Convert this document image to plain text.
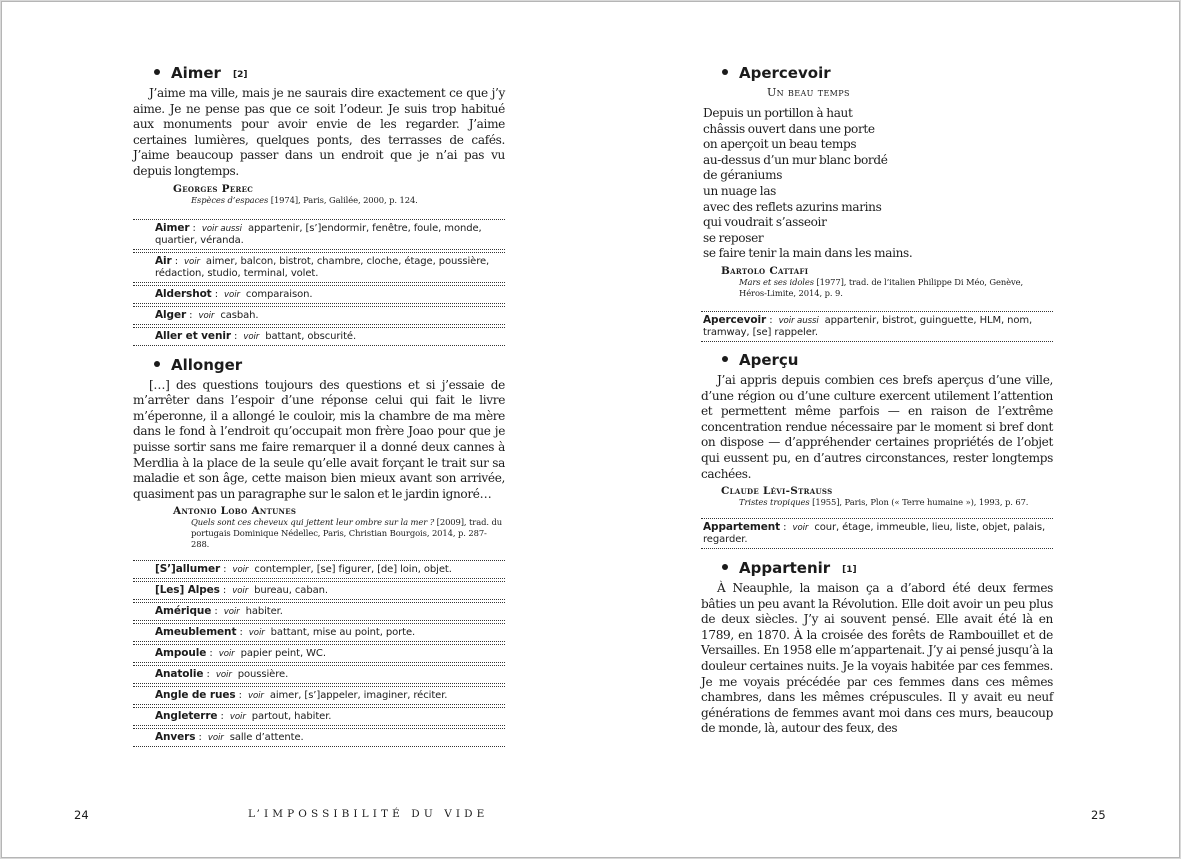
Aimer [2]

J’aime ma ville, mais je ne saurais dire exactement ce que j’y aime. Je ne pense pas que ce soit l’odeur. Je suis trop habitué aux monuments pour avoir envie de les regarder. J’aime certaines lumières, quelques ponts, des terrasses de cafés. J’aime beaucoup passer dans un endroit que je n’ai pas vu depuis longtemps.

Georges Perec
Espèces d’espaces [1974], Paris, Galilée, 2000, p. 124.
Aimer : voir aussi appartenir, [s’]endormir, fenêtre, foule, monde, quartier, véranda.
Air : voir aimer, balcon, bistrot, chambre, cloche, étage, poussière, rédaction, studio, terminal, volet.
Aldershot : voir comparaison.
Alger : voir casbah.
Aller et venir : voir battant, obscurité.
Allonger

[…] des questions toujours des questions et si j’essaie de m’arrêter dans l’espoir d’une réponse celui qui fait le livre m’éperonne, il a allongé le couloir, mis la chambre de ma mère dans le fond à l’endroit qu’occupait mon frère Joao pour que je puisse sortir sans me faire remarquer il a donné deux cannes à Merdlia à la place de la seule qu’elle avait forçant le trait sur sa maladie et son âge, cette maison bien mieux avant son arrivée, quasiment pas un paragraphe sur le salon et le jardin ignoré…

Antonio Lobo Antunes
Quels sont ces cheveux qui jettent leur ombre sur la mer ? [2009], trad. du portugais Dominique Nédellec, Paris, Christian Bourgois, 2014, p. 287-288.
[S’]allumer : voir contempler, [se] figurer, [de] loin, objet.
[Les] Alpes : voir bureau, caban.
Amérique : voir habiter.
Ameublement : voir battant, mise au point, porte.
Ampoule : voir papier peint, WC.
Anatolie : voir poussière.
Angle de rues : voir aimer, [s’]appeler, imaginer, réciter.
Angleterre : voir partout, habiter.
Anvers : voir salle d’attente.
Apercevoir
Un beau temps

Depuis un portillon à haut
châssis ouvert dans une porte
on aperçoit un beau temps
au-dessus d’un mur blanc bordé
de géraniums
un nuage las
avec des reflets azurins marins
qui voudrait s’asseoir
se reposer
se faire tenir la main dans les mains.

Bartolo Cattafi
Mars et ses idoles [1977], trad. de l’italien Philippe Di Méo, Genève, Héros-Limite, 2014, p. 9.
Apercevoir : voir aussi appartenir, bistrot, guinguette, HLM, nom, tramway, [se] rappeler.
Aperçu

J’ai appris depuis combien ces brefs aperçus d’une ville, d’une région ou d’une culture exercent utilement l’attention et permettent même parfois — en raison de l’extrême concentration rendue nécessaire par le moment si bref dont on dispose — d’appréhender certaines propriétés de l’objet qui eussent pu, en d’autres circonstances, rester longtemps cachées.

Claude Lévi-Strauss
Tristes tropiques [1955], Paris, Plon (« Terre humaine »), 1993, p. 67.
Appartement : voir cour, étage, immeuble, lieu, liste, objet, palais, regarder.
Appartenir [1]

À Neauphle, la maison ça a d’abord été deux fermes bâties un peu avant la Révolution. Elle doit avoir un peu plus de deux siècles. J’y ai souvent pensé. Elle avait été là en 1789, en 1870. À la croisée des forêts de Rambouillet et de Versailles. En 1958 elle m’appartenait. J’y ai pensé jusqu’à la douleur certaines nuits. Je la voyais habitée par ces femmes. Je me voyais précédée par ces femmes dans ces mêmes chambres, dans les mêmes crépuscules. Il y avait eu neuf générations de femmes avant moi dans ces murs, beaucoup de monde, là, autour des feux, des

24	L’IMPOSSIBILITÉ DU VIDE	25
